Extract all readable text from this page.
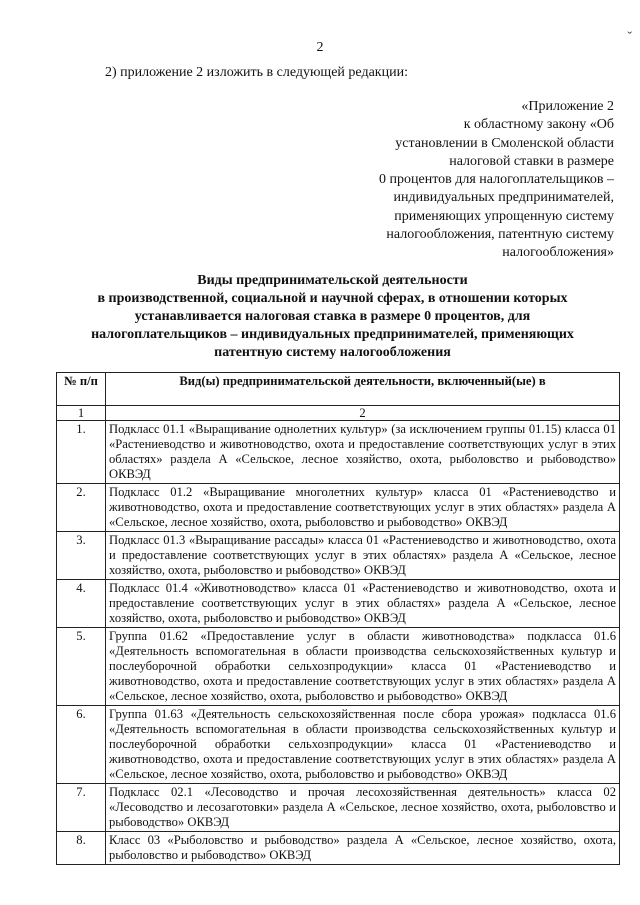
2
ˇ
2) приложение 2 изложить в следующей редакции:
«Приложение 2
к областному закону «Об
установлении в Смоленской области
налоговой ставки в размере
0 процентов для налогоплательщиков –
индивидуальных предпринимателей,
применяющих упрощенную систему
налогообложения, патентную систему
налогообложения»
Виды предпринимательской деятельности
в производственной, социальной и научной сферах, в отношении которых
устанавливается налоговая ставка в размере 0 процентов, для
налогоплательщиков – индивидуальных предпринимателей, применяющих
патентную систему налогообложения
№ п/п	Вид(ы) предпринимательской деятельности, включенный(ые) в
1	2
1.	Подкласс 01.1 «Выращивание однолетних культур» (за исключением группы 01.15) класса 01 «Растениеводство и животноводство, охота и предоставление соответствующих услуг в этих областях» раздела А «Сельское, лесное хозяйство, охота, рыболовство и рыбоводство» ОКВЭД
2.	Подкласс 01.2 «Выращивание многолетних культур» класса 01 «Растениеводство и животноводство, охота и предоставление соответствующих услуг в этих областях» раздела А «Сельское, лесное хозяйство, охота, рыболовство и рыбоводство» ОКВЭД
3.	Подкласс 01.3 «Выращивание рассады» класса 01 «Растениеводство и животноводство, охота и предоставление соответствующих услуг в этих областях» раздела А «Сельское, лесное хозяйство, охота, рыболовство и рыбоводство» ОКВЭД
4.	Подкласс 01.4 «Животноводство» класса 01 «Растениеводство и животноводство, охота и предоставление соответствующих услуг в этих областях» раздела А «Сельское, лесное хозяйство, охота, рыболовство и рыбоводство» ОКВЭД
5.	Группа 01.62 «Предоставление услуг в области животноводства» подкласса 01.6 «Деятельность вспомогательная в области производства сельскохозяйственных культур и послеуборочной обработки сельхозпродукции» класса 01 «Растениеводство и животноводство, охота и предоставление соответствующих услуг в этих областях» раздела А «Сельское, лесное хозяйство, охота, рыболовство и рыбоводство» ОКВЭД
6.	Группа 01.63 «Деятельность сельскохозяйственная после сбора урожая» подкласса 01.6 «Деятельность вспомогательная в области производства сельскохозяйственных культур и послеуборочной обработки сельхозпродукции» класса 01 «Растениеводство и животноводство, охота и предоставление соответствующих услуг в этих областях» раздела А «Сельское, лесное хозяйство, охота, рыболовство и рыбоводство» ОКВЭД
7.	Подкласс 02.1 «Лесоводство и прочая лесохозяйственная деятельность» класса 02 «Лесоводство и лесозаготовки» раздела А «Сельское, лесное хозяйство, охота, рыболовство и рыбоводство» ОКВЭД
8.	Класс 03 «Рыболовство и рыбоводство» раздела А «Сельское, лесное хозяйство, охота, рыболовство и рыбоводство» ОКВЭД
